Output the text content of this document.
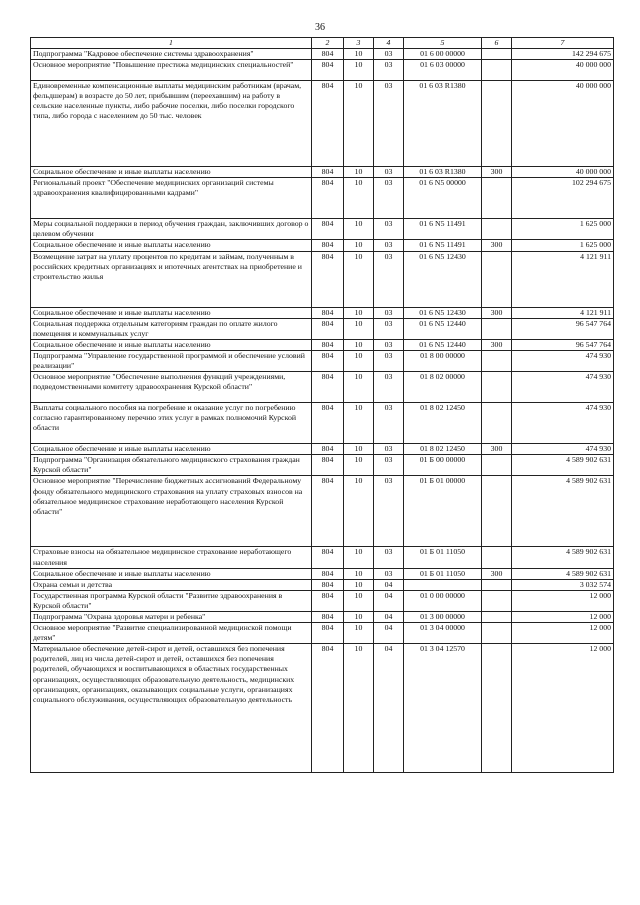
36
1	2	3	4	5	6	7
Подпрограмма "Кадровое обеспечение системы здравоохранения"	804	10	03	01 6 00 00000		142 294 675
Основное мероприятие "Повышение престижа медицинских специальностей"	804	10	03	01 6 03 00000		40 000 000
Единовременные компенсационные выплаты медицинским работникам (врачам, фельдшерам) в возрасте до 50 лет, прибывшим (переехавшим) на работу в сельские населенные пункты, либо рабочие поселки, либо поселки городского типа, либо города с населением до 50 тыс. человек	804	10	03	01 6 03 R1380		40 000 000
Социальное обеспечение и иные выплаты населению	804	10	03	01 6 03 R1380	300	40 000 000
Региональный проект "Обеспечение медицинских организаций системы здравоохранения квалифицированными кадрами"	804	10	03	01 6 N5 00000		102 294 675
Меры социальной поддержки в период обучения граждан, заключивших договор о целевом обучении	804	10	03	01 6 N5 11491		1 625 000
Социальное обеспечение и иные выплаты населению	804	10	03	01 6 N5 11491	300	1 625 000
Возмещение затрат на уплату процентов по кредитам и займам, полученным в российских кредитных организациях и ипотечных агентствах на приобретение и строительство жилья	804	10	03	01 6 N5 12430		4 121 911
Социальное обеспечение и иные выплаты населению	804	10	03	01 6 N5 12430	300	4 121 911
Социальная поддержка отдельным категориям граждан по оплате жилого помещения и коммунальных услуг	804	10	03	01 6 N5 12440		96 547 764
Социальное обеспечение и иные выплаты населению	804	10	03	01 6 N5 12440	300	96 547 764
Подпрограмма "Управление государственной программой и обеспечение условий реализации"	804	10	03	01 8 00 00000		474 930
Основное мероприятие "Обеспечение выполнения функций учреждениями, подведомственными комитету здравоохранения Курской области"	804	10	03	01 8 02 00000		474 930
Выплаты социального пособия на погребение и оказание услуг по погребению согласно гарантированному перечню этих услуг в рамках полномочий Курской области	804	10	03	01 8 02 12450		474 930
Социальное обеспечение и иные выплаты населению	804	10	03	01 8 02 12450	300	474 930
Подпрограмма "Организация обязательного медицинского страхования граждан Курской области"	804	10	03	01 Б 00 00000		4 589 902 631
Основное мероприятие "Перечисление бюджетных ассигнований Федеральному фонду обязательного медицинского страхования на уплату страховых взносов на обязательное медицинское страхование неработающего населения Курской области"	804	10	03	01 Б 01 00000		4 589 902 631
Страховые взносы на обязательное медицинское страхование неработающего населения	804	10	03	01 Б 01 11050		4 589 902 631
Социальное обеспечение и иные выплаты населению	804	10	03	01 Б 01 11050	300	4 589 902 631
Охрана семьи и детства	804	10	04			3 032 574
Государственная программа Курской области "Развитие здравоохранения в Курской области"	804	10	04	01 0 00 00000		12 000
Подпрограмма "Охрана здоровья матери и ребенка"	804	10	04	01 3 00 00000		12 000
Основное мероприятие "Развитие специализированной медицинской помощи детям"	804	10	04	01 3 04 00000		12 000
Материальное обеспечение детей-сирот и детей, оставшихся без попечения родителей, лиц из числа детей-сирот и детей, оставшихся без попечения родителей, обучающихся и воспитывающихся в областных государственных организациях, осуществляющих образовательную деятельность, медицинских организациях, организациях, оказывающих социальные услуги, организациях социального обслуживания, осуществляющих образовательную деятельность	804	10	04	01 3 04 12570		12 000
